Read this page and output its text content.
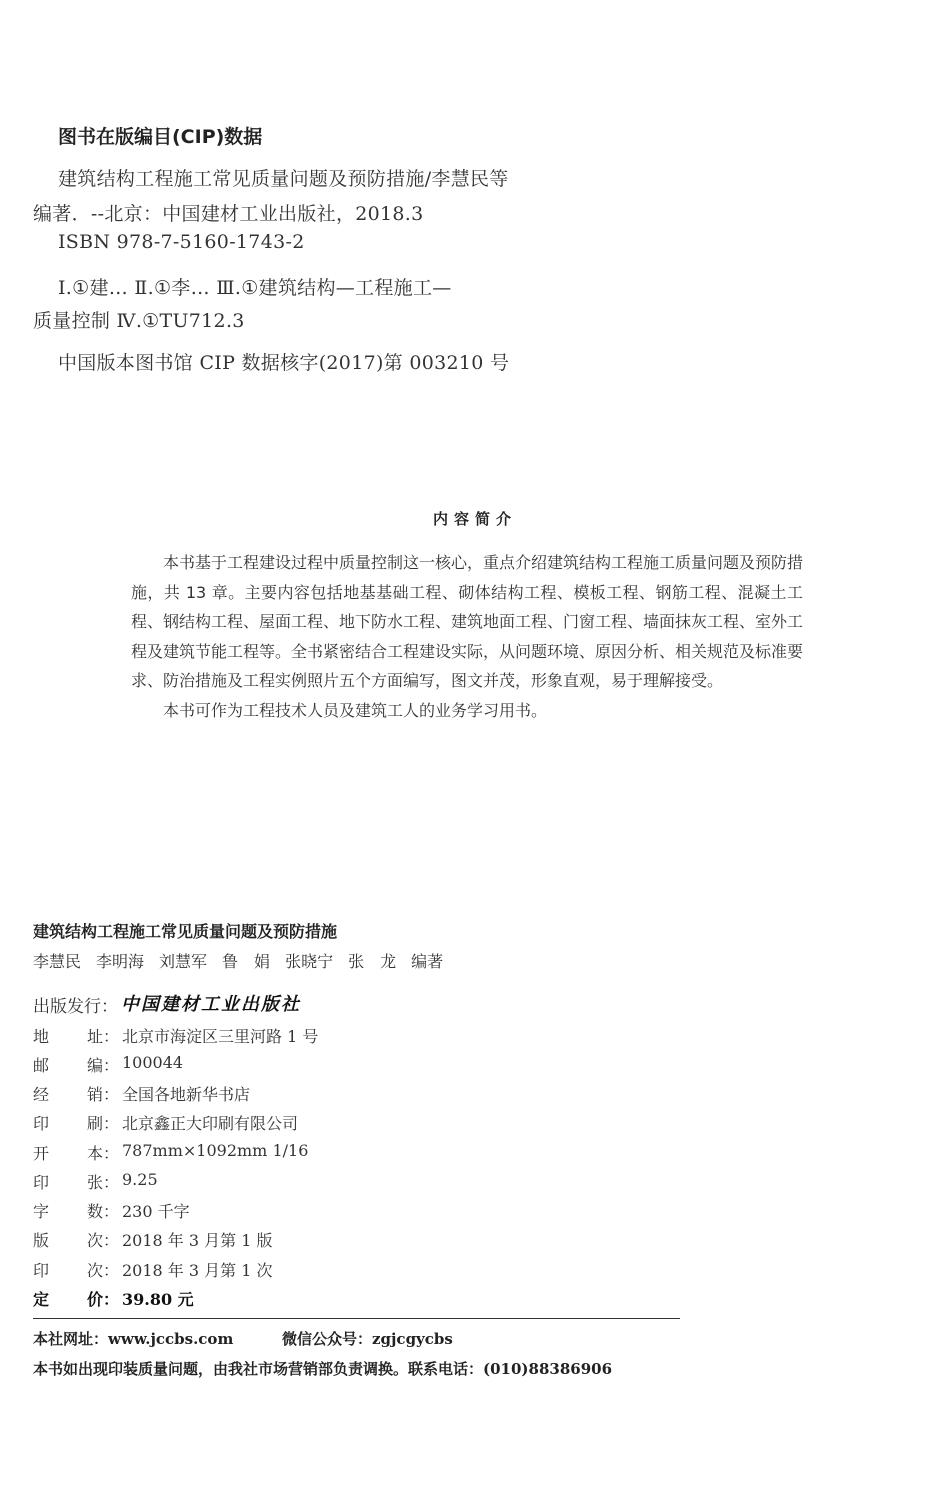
图书在版编目(CIP)数据
建筑结构工程施工常见质量问题及预防措施/李慧民等
编著．--北京：中国建材工业出版社，2018.3
ISBN 978-7-5160-1743-2
Ⅰ.①建… Ⅱ.①李… Ⅲ.①建筑结构—工程施工—
质量控制 Ⅳ.①TU712.3
中国版本图书馆 CIP 数据核字(2017)第 003210 号
内容简介

本书基于工程建设过程中质量控制这一核心，重点介绍建筑结构工程施工质量问题及预防措施，共 13 章。主要内容包括地基基础工程、砌体结构工程、模板工程、钢筋工程、混凝土工程、钢结构工程、屋面工程、地下防水工程、建筑地面工程、门窗工程、墙面抹灰工程、室外工程及建筑节能工程等。全书紧密结合工程建设实际，从问题环境、原因分析、相关规范及标准要求、防治措施及工程实例照片五个方面编写，图文并茂，形象直观，易于理解接受。

本书可作为工程技术人员及建筑工人的业务学习用书。

建筑结构工程施工常见质量问题及预防措施
李慧民 李明海 刘慧军 鲁　娟 张晓宁 张　龙 编著
出版发行： 中国建材工业出版社
地 址： 北京市海淀区三里河路 1 号
邮 编： 100044
经 销： 全国各地新华书店
印 刷： 北京鑫正大印刷有限公司
开 本： 787mm×1092mm 1/16
印 张： 9.25
字 数： 230 千字
版 次： 2018 年 3 月第 1 版
印 次： 2018 年 3 月第 1 次
定 价： 39.80 元
本社网址：www.jccbs.com	微信公众号：zgjcgycbs
本书如出现印装质量问题，由我社市场营销部负责调换。联系电话：(010)88386906
